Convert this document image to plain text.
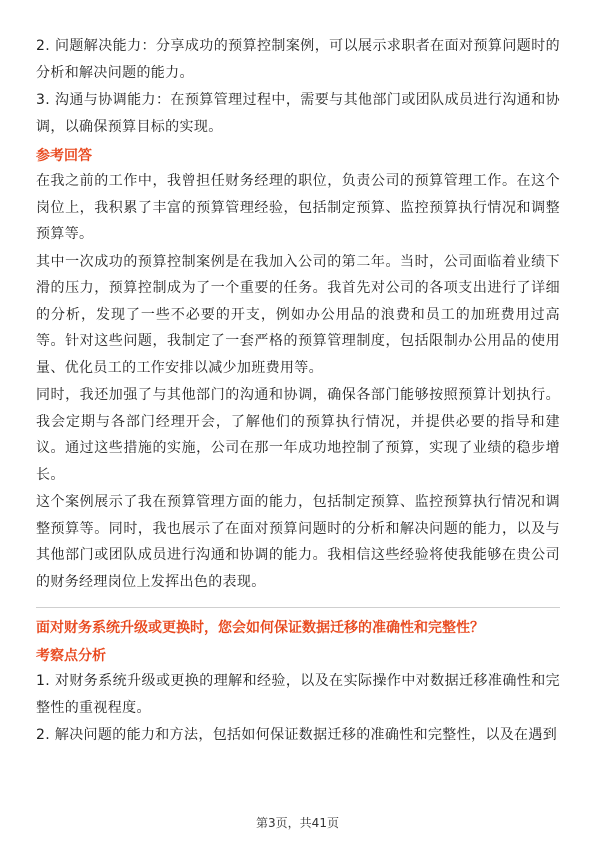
2. 问题解决能力：分享成功的预算控制案例，可以展示求职者在面对预算问题时的分析和解决问题的能力。

3. 沟通与协调能力：在预算管理过程中，需要与其他部门或团队成员进行沟通和协调，以确保预算目标的实现。

参考回答

在我之前的工作中，我曾担任财务经理的职位，负责公司的预算管理工作。在这个岗位上，我积累了丰富的预算管理经验，包括制定预算、监控预算执行情况和调整预算等。

其中一次成功的预算控制案例是在我加入公司的第二年。当时，公司面临着业绩下滑的压力，预算控制成为了一个重要的任务。我首先对公司的各项支出进行了详细的分析，发现了一些不必要的开支，例如办公用品的浪费和员工的加班费用过高等。针对这些问题，我制定了一套严格的预算管理制度，包括限制办公用品的使用量、优化员工的工作安排以减少加班费用等。

同时，我还加强了与其他部门的沟通和协调，确保各部门能够按照预算计划执行。我会定期与各部门经理开会，了解他们的预算执行情况，并提供必要的指导和建议。通过这些措施的实施，公司在那一年成功地控制了预算，实现了业绩的稳步增长。

这个案例展示了我在预算管理方面的能力，包括制定预算、监控预算执行情况和调整预算等。同时，我也展示了在面对预算问题时的分析和解决问题的能力，以及与其他部门或团队成员进行沟通和协调的能力。我相信这些经验将使我能够在贵公司的财务经理岗位上发挥出色的表现。

面对财务系统升级或更换时，您会如何保证数据迁移的准确性和完整性？
考察点分析

1. 对财务系统升级或更换的理解和经验，以及在实际操作中对数据迁移准确性和完整性的重视程度。

2. 解决问题的能力和方法，包括如何保证数据迁移的准确性和完整性，以及在遇到

第3页，共41页
